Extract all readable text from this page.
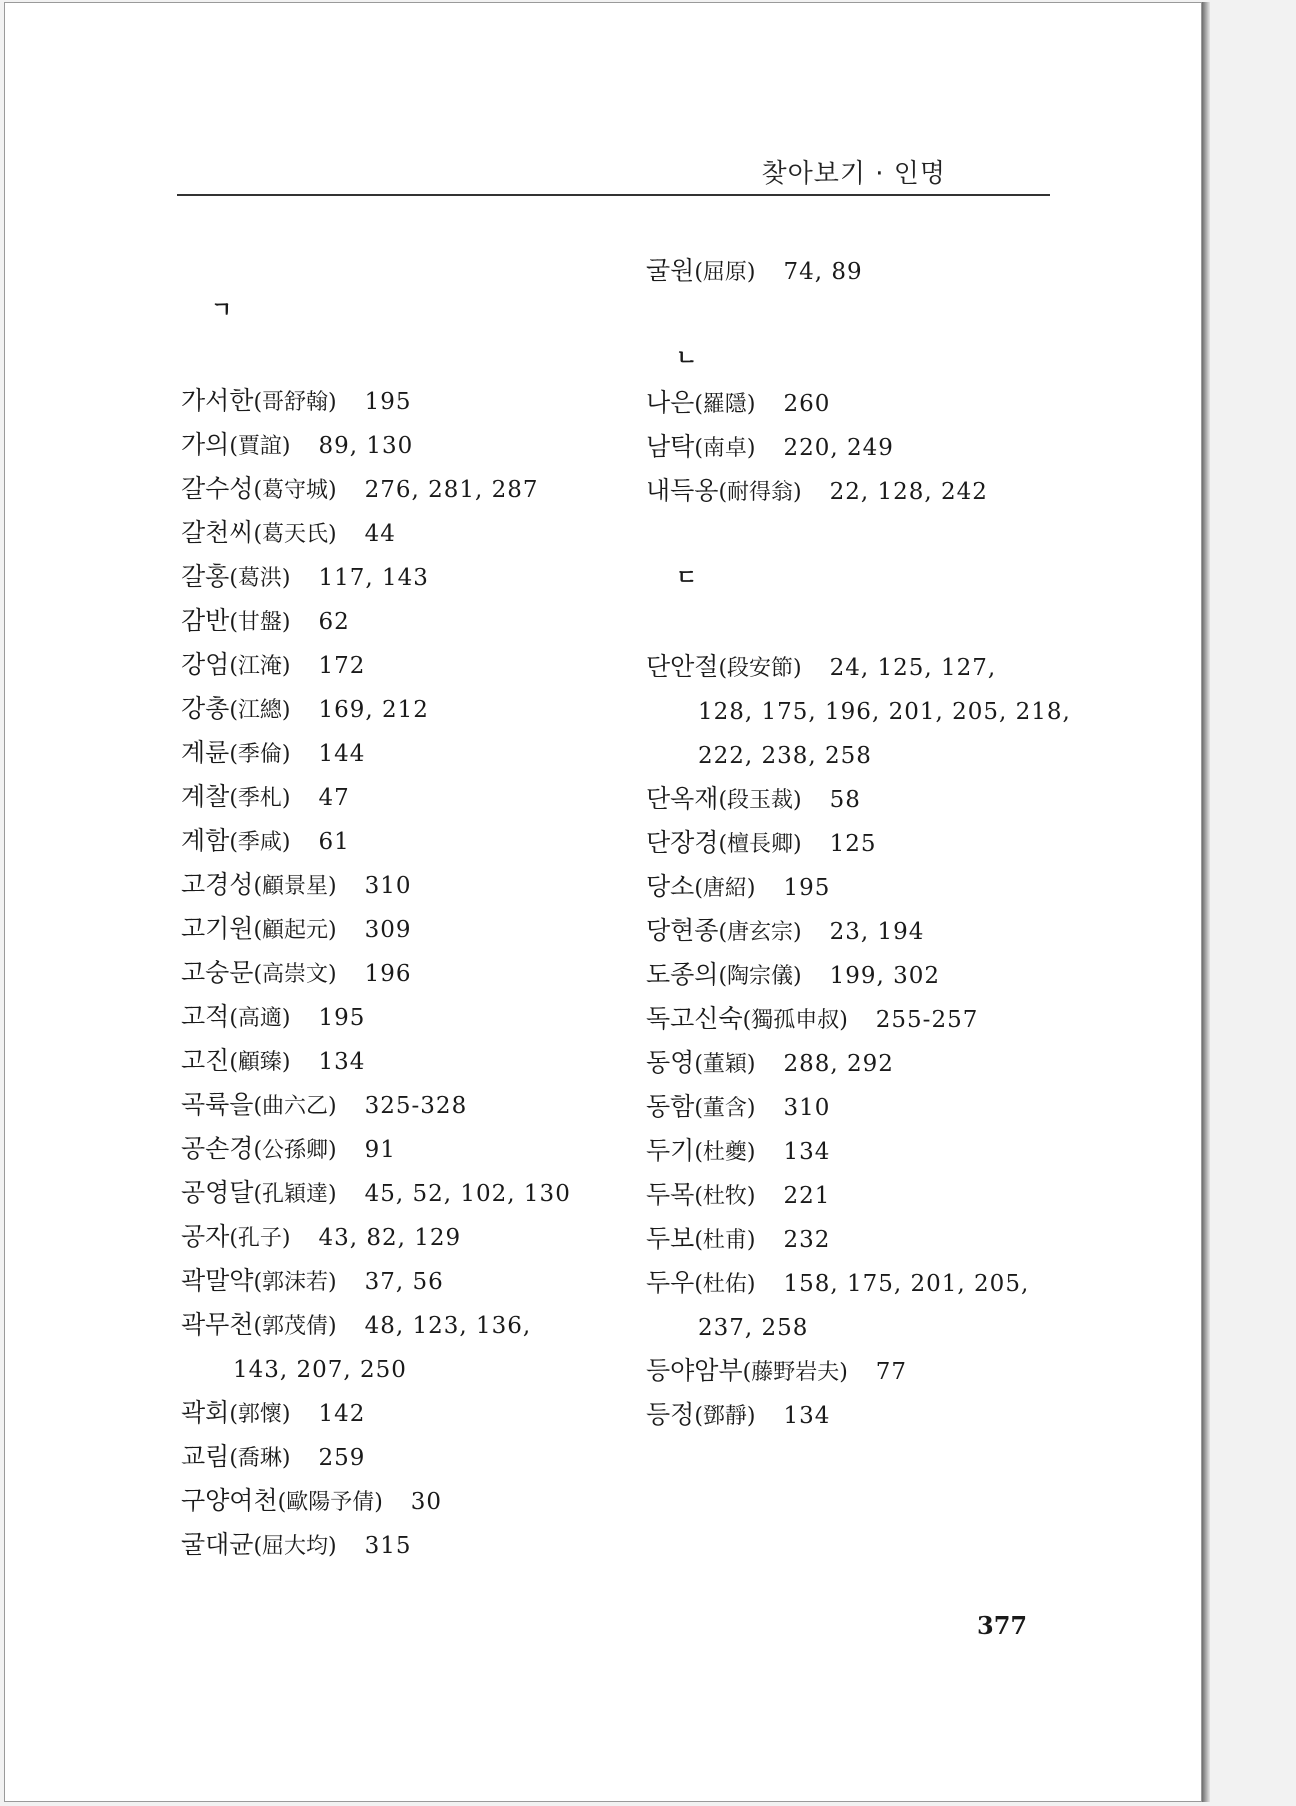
찾아보기 · 인명
ㄱ
가서한(哥舒翰) 195
가의(賈誼) 89, 130
갈수성(葛守城) 276, 281, 287
갈천씨(葛天氏) 44
갈홍(葛洪) 117, 143
감반(甘盤) 62
강엄(江淹) 172
강총(江總) 169, 212
계륜(季倫) 144
계찰(季札) 47
계함(季咸) 61
고경성(顧景星) 310
고기원(顧起元) 309
고숭문(高崇文) 196
고적(高適) 195
고진(顧臻) 134
곡륙을(曲六乙) 325-328
공손경(公孫卿) 91
공영달(孔穎達) 45, 52, 102, 130
공자(孔子) 43, 82, 129
곽말약(郭沫若) 37, 56
곽무천(郭茂倩) 48, 123, 136,
143, 207, 250
곽회(郭懷) 142
교림(喬琳) 259
구양여천(歐陽予倩) 30
굴대균(屈大均) 315
굴원(屈原) 74, 89
ㄴ
나은(羅隱) 260
남탁(南卓) 220, 249
내득옹(耐得翁) 22, 128, 242
ㄷ
단안절(段安節) 24, 125, 127,
128, 175, 196, 201, 205, 218,
222, 238, 258
단옥재(段玉裁) 58
단장경(檀長卿) 125
당소(唐紹) 195
당현종(唐玄宗) 23, 194
도종의(陶宗儀) 199, 302
독고신숙(獨孤申叔) 255-257
동영(董穎) 288, 292
동함(董含) 310
두기(杜夔) 134
두목(杜牧) 221
두보(杜甫) 232
두우(杜佑) 158, 175, 201, 205,
237, 258
등야암부(藤野岩夫) 77
등정(鄧靜) 134
377
